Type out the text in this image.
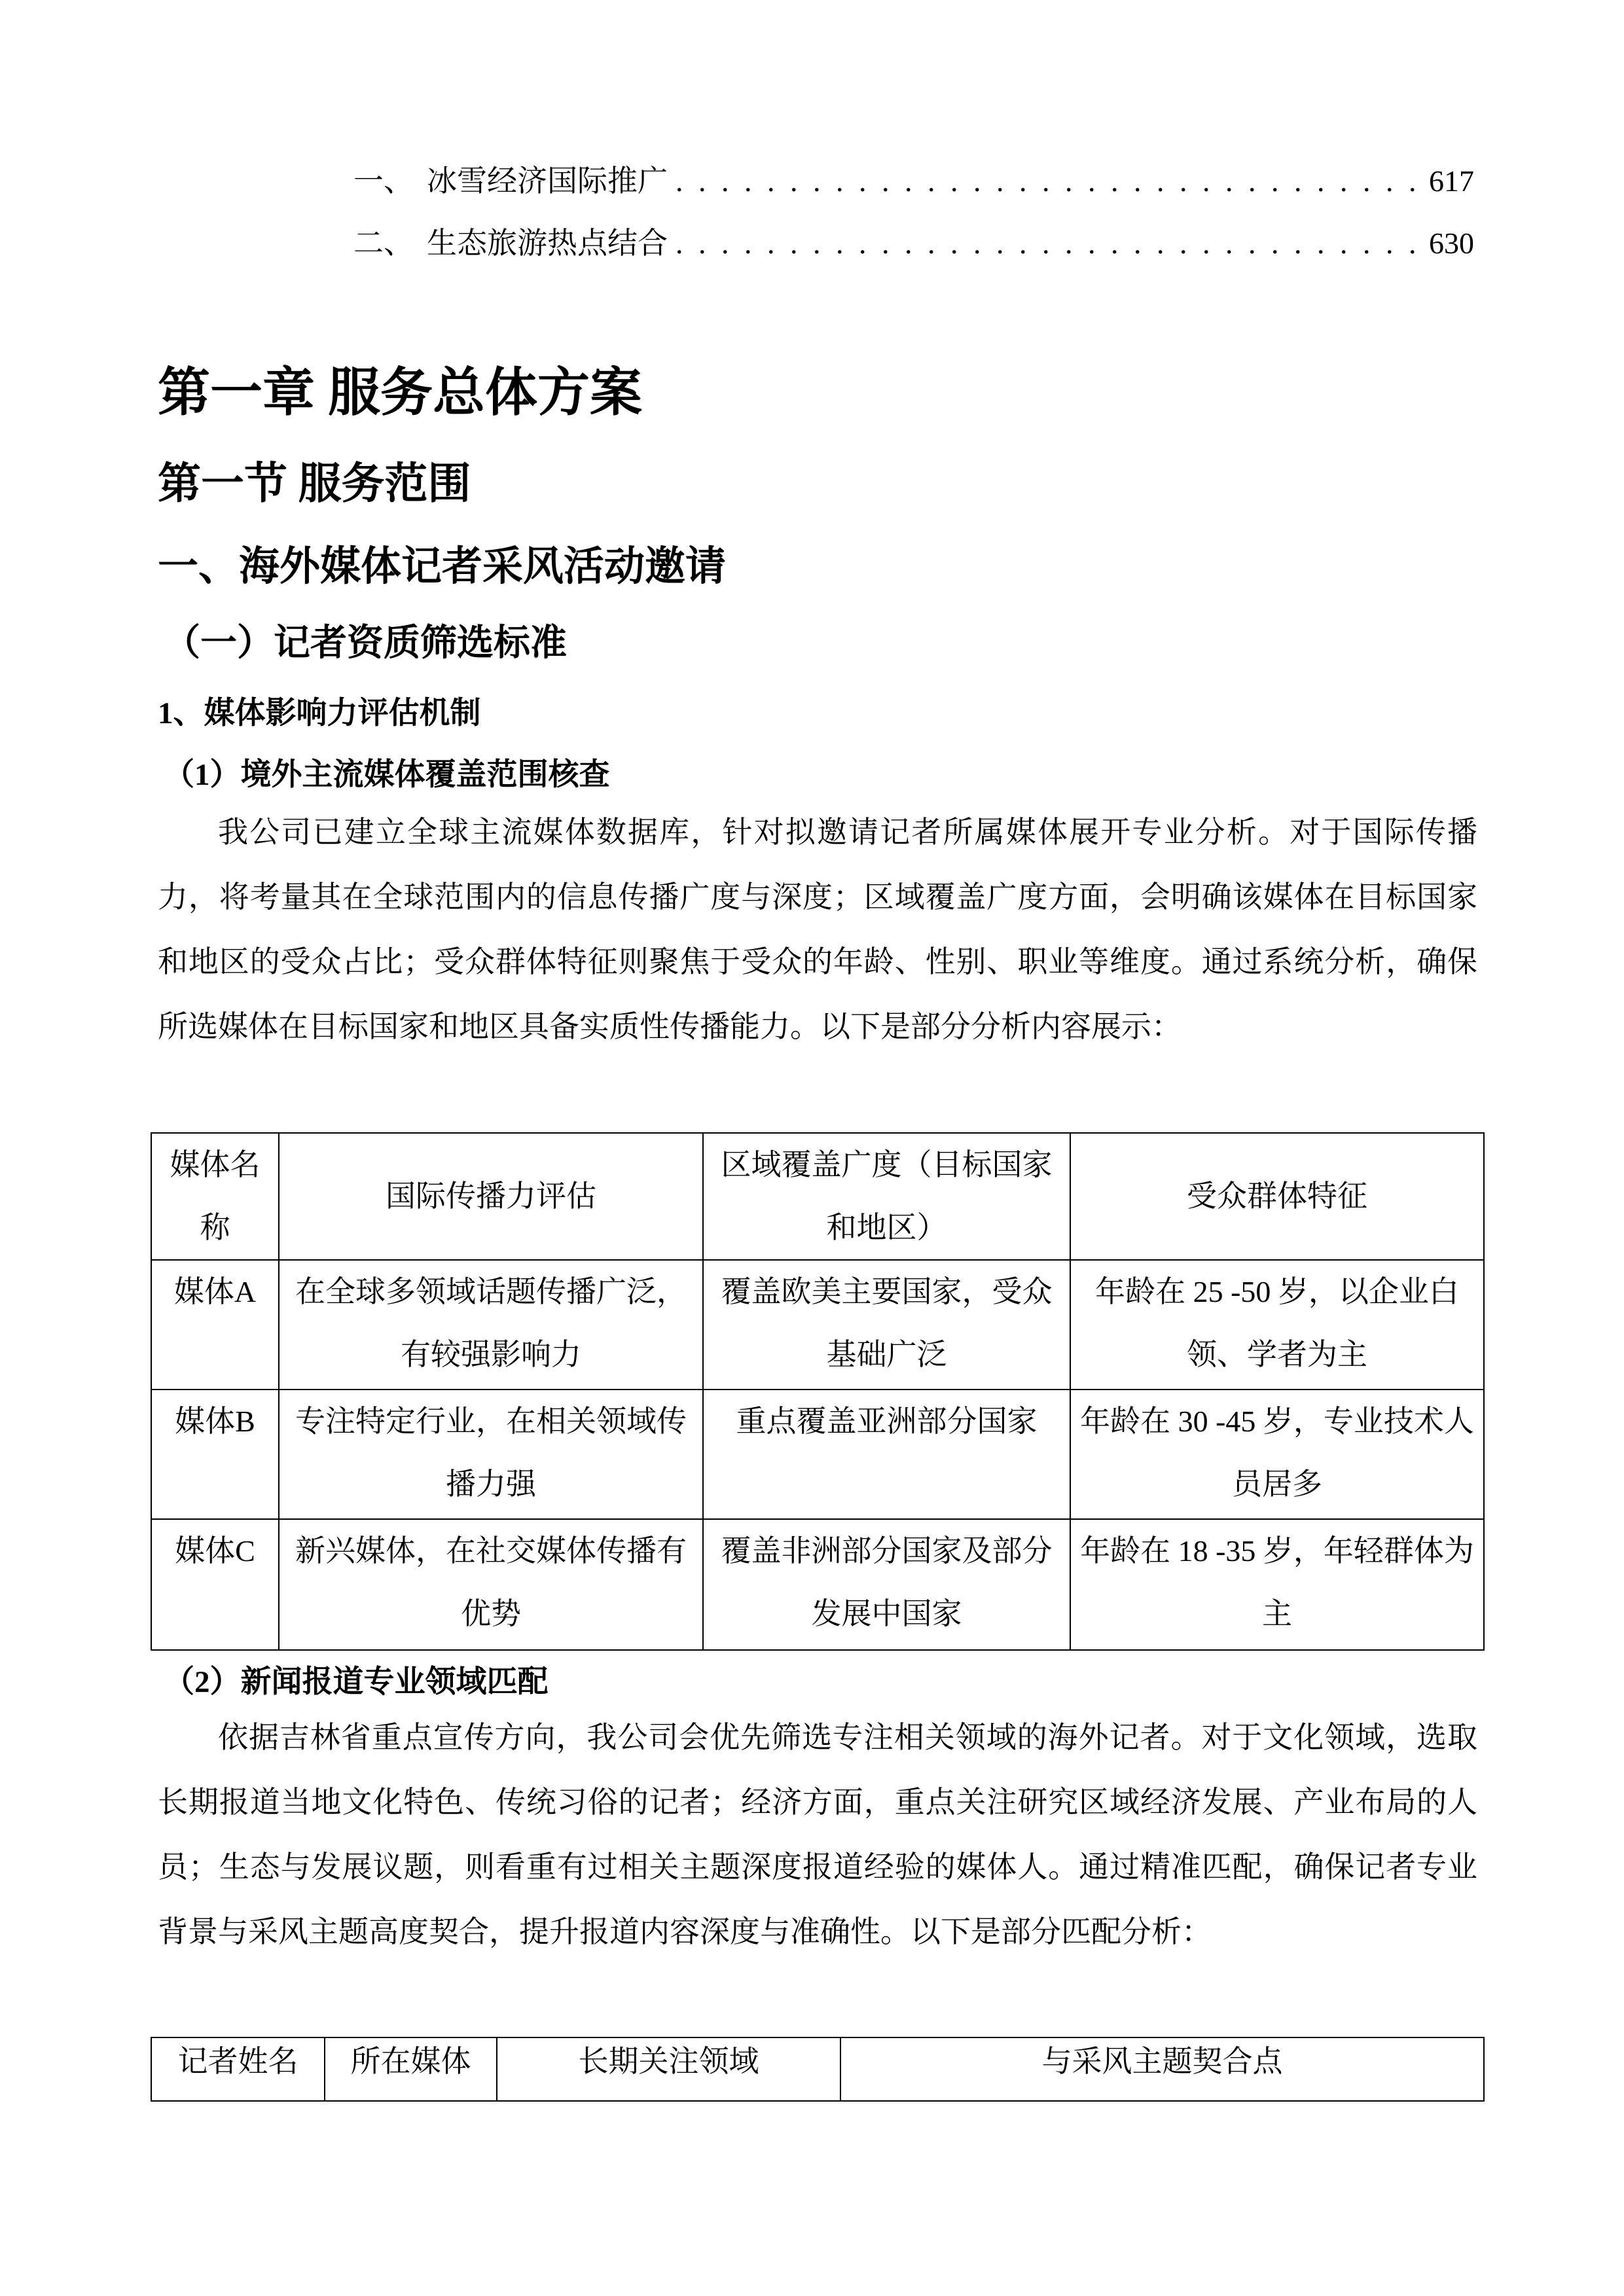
一、 冰雪经济国际推广 . . .	617
二、 生态旅游热点结合 . . .	630
第一章 服务总体方案
第一节 服务范围
一、海外媒体记者采风活动邀请
（一）记者资质筛选标准
1、媒体影响力评估机制
（1）境外主流媒体覆盖范围核查
我公司已建立全球主流媒体数据库，针对拟邀请记者所属媒体展开专业分析。对于国际传播力，将考量其在全球范围内的信息传播广度与深度；区域覆盖广度方面，会明确该媒体在目标国家和地区的受众占比；受众群体特征则聚焦于受众的年龄、性别、职业等维度。通过系统分析，确保所选媒体在目标国家和地区具备实质性传播能力。以下是部分分析内容展示：
媒体名称	国际传播力评估	区域覆盖广度（目标国家和地区）	受众群体特征
媒体A	在全球多领域话题传播广泛，有较强影响力	覆盖欧美主要国家，受众基础广泛	年龄在 25 -50 岁，以企业白领、学者为主
媒体B	专注特定行业，在相关领域传播力强	重点覆盖亚洲部分国家	年龄在 30 -45 岁，专业技术人员居多
媒体C	新兴媒体，在社交媒体传播有优势	覆盖非洲部分国家及部分发展中国家	年龄在 18 -35 岁，年轻群体为主
（2）新闻报道专业领域匹配
依据吉林省重点宣传方向，我公司会优先筛选专注相关领域的海外记者。对于文化领域，选取长期报道当地文化特色、传统习俗的记者；经济方面，重点关注研究区域经济发展、产业布局的人员；生态与发展议题，则看重有过相关主题深度报道经验的媒体人。通过精准匹配，确保记者专业背景与采风主题高度契合，提升报道内容深度与准确性。以下是部分匹配分析：
记者姓名	所在媒体	长期关注领域	与采风主题契合点
